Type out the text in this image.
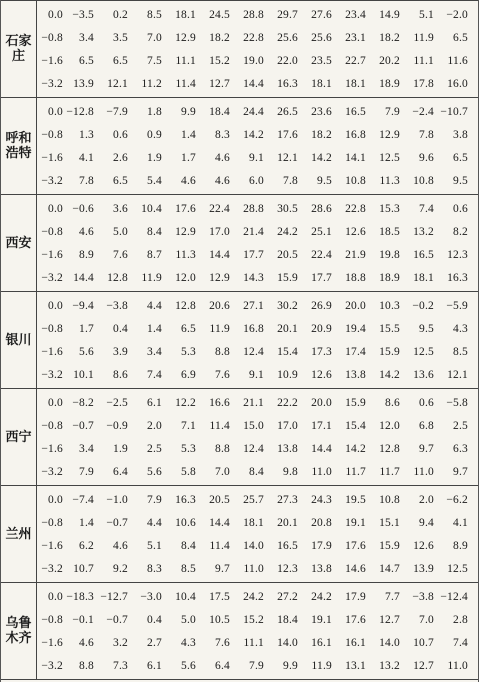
石家庄
0.0 −3.5	0.2	8.5	18.1	24.5	28.8	29.7	27.6	23.4	14.9	5.1	−2.0
−0.8	3.4	3.5	7.0	12.9	18.2	22.8	25.6	25.6	23.1	18.2	11.9	6.5
−1.6	6.5	6.5	7.5	11.1	15.2	19.0	22.0	23.5	22.7	20.2	11.1	11.6
−3.2 13.9	12.1	11.2	11.4	12.7	14.4	16.3	18.1	18.1	18.9	17.8	16.0
呼和浩特
0.0 −12.8	−7.9	1.8	9.9	18.4	24.4	26.5	23.6	16.5	7.9	−2.4 −10.7
−0.8	1.3	0.6	0.9	1.4	8.3	14.2	17.6	18.2	16.8	12.9	7.8	3.8
−1.6	4.1	2.6	1.9	1.7	4.6	9.1	12.1	14.2	14.1	12.5	9.6	6.5
−3.2	7.8	6.5	5.4	4.6	4.6	6.0	7.8	9.5	10.8	11.3	10.8	9.5
西安
0.0 −0.6	3.6	10.4	17.6	22.4	28.8	30.5	28.6	22.8	15.3	7.4	0.6
−0.8	4.6	5.0	8.4	12.9	17.0	21.4	24.2	25.1	12.6	18.5	13.2	8.2
−1.6	8.9	7.6	8.7	11.3	14.4	17.7	20.5	22.4	21.9	19.8	16.5	12.3
−3.2 14.4	12.8	11.9	12.0	12.9	14.3	15.9	17.7	18.8	18.9	18.1	16.3
银川
0.0 −9.4	−3.8	4.4	12.8	20.6	27.1	30.2	26.9	20.0	10.3	−0.2	−5.9
−0.8	1.7	0.4	1.4	6.5	11.9	16.8	20.1	20.9	19.4	15.5	9.5	4.3
−1.6	5.6	3.9	3.4	5.3	8.8	12.4	15.4	17.3	17.4	15.9	12.5	8.5
−3.2 10.1	8.6	7.4	6.9	7.6	9.1	10.9	12.6	13.8	14.2	13.6	12.1
西宁
0.0 −8.2	−2.5	6.1	12.2	16.6	21.1	22.2	20.0	15.9	8.6	0.6	−5.8
−0.8 −0.7	−0.9	2.0	7.1	11.4	15.0	17.0	17.1	15.4	12.0	6.8	2.5
−1.6	3.4	1.9	2.5	5.3	8.8	12.4	13.8	14.4	14.2	12.8	9.7	6.3
−3.2	7.9	6.4	5.6	5.8	7.0	8.4	9.8	11.0	11.7	11.7	11.0	9.7
兰州
0.0 −7.4	−1.0	7.9	16.3	20.5	25.7	27.3	24.3	19.5	10.8	2.0	−6.2
−0.8	1.4	−0.7	4.4	10.6	14.4	18.1	20.1	20.8	19.1	15.1	9.4	4.1
−1.6	6.2	4.6	5.1	8.4	11.4	14.0	16.5	17.9	17.6	15.9	12.6	8.9
−3.2 10.7	9.2	8.3	8.5	9.7	11.0	12.3	13.8	14.6	14.7	13.9	12.5
乌鲁木齐
0.0 −18.3 −12.7	−3.0	10.4	17.5	24.2	27.2	24.2	17.9	7.7	−3.8 −12.4
−0.8 −0.1	−0.7	0.4	5.0	10.5	15.2	18.4	19.1	17.6	12.7	7.0	2.8
−1.6	4.6	3.2	2.7	4.3	7.6	11.1	14.0	16.1	16.1	14.0	10.7	7.4
−3.2	8.8	7.3	6.1	5.6	6.4	7.9	9.9	11.9	13.1	13.2	12.7	11.0
